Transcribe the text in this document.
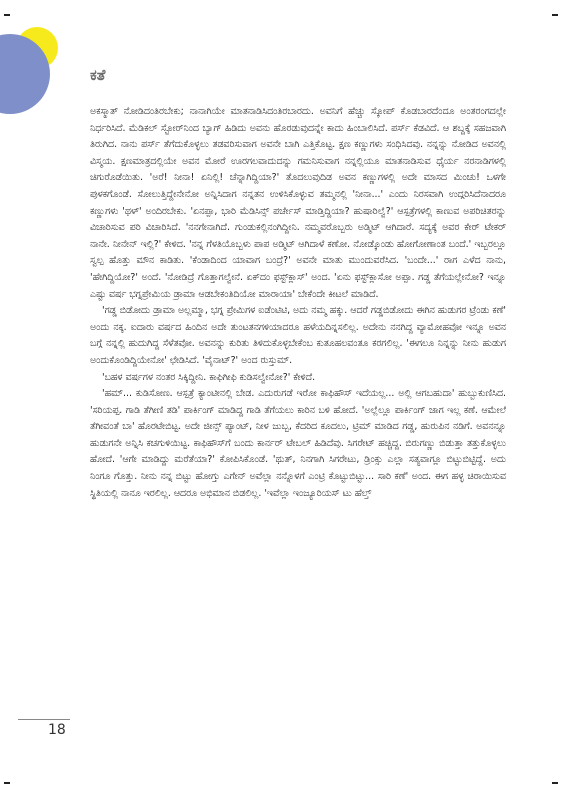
ಕತೆ

ಅಕಸ್ಮಾತ್ ನೋಡಿದಂತಿರಬೇಕು; ನಾನಾಗಿಯೇ ಮಾತನಾಡಿಸಿದಂತಿರಬಾರದು. ಅವನಿಗೆ ಹೆಚ್ಚು ಸ್ಕೋಪ್ ಕೊಡಬಾರದೆಂದೂ ಅಂತರಂಗದಲ್ಲೇ ನಿರ್ಧರಿಸಿದೆ. ಮೆಡಿಕಲ್ ಸ್ಟೋರ್‌ನಿಂದ ಬ್ಯಾಗ್ ಹಿಡಿದು ಅವನು ಹೊರಡುವುದನ್ನೇ ಕಾದು ಹಿಂಬಾಲಿಸಿದೆ. ಪರ್ಸ್ ಕೆಡವಿದೆ. ಆ ಶಬ್ದಕ್ಕೆ ಸಹಜವಾಗಿ ತಿರುಗಿದ. ನಾನು ಪರ್ಸ್ ತೆಗೆದುಕೊಳ್ಳಲು ತಡವರಿಸುವಾಗ ಅವನೇ ಬಾಗಿ ಎತ್ತಿಕೊಟ್ಟ. ಕ್ಷಣ ಕಣ್ಣುಗಳು ಸಂಧಿಸಿದವು. ನನ್ನನ್ನು ನೋಡಿದ ಅವನಲ್ಲಿ ವಿಸ್ಮಯ. ಕ್ಷಣಮಾತ್ರದಲ್ಲಿಯೇ ಅವನ ಮೋರೆ ಊರಗಲವಾದುದನ್ನು ಗಮನಿಸುವಾಗ ನನ್ನಲ್ಲಿಯೂ ಮಾತನಾಡಿಸುವ ಧೈರ್ಯ ನರನಾಡಿಗಳಲ್ಲಿ ಚಿಗುರೊಡೆಯಿತು. 'ಅರೆ! ನೀನಾ! ಏನಿಲ್ಲಿ! ಚೆನ್ನಾಗಿದ್ದಿಯಾ?' ತೊದಲುವುದಿಡ ಅವನ ಕಣ್ಣುಗಳಲ್ಲಿ ಅದೇ ಮಾಸದ ಮಿಂಚು! ಒಳಗೇ ಪುಳಕಗೊಂಡೆ. ಸೋಲುತ್ತಿದ್ದೇನೇನೋ ಅನ್ನಿಸಿದಾಗ ನನ್ನತನ ಉಳಿಸಿಕೊಳ್ಳುವ ತಮ್ಮನಲ್ಲಿ 'ನೀನಾ...' ಎಂದು ನಿರಸವಾಗಿ ಉದ್ಗರಿಸಿದೆನಾದರೂ ಕಣ್ಣುಗಳು 'ಥಳ್' ಅಂದಿರಬೇಕು. 'ಏನಪ್ಪಾ, ಭಾರಿ ಮೆಡಿಸಿನ್ಸ್ ಪರ್ಚೇಸ್ ಮಾಡ್ತಿದ್ದಿಯಾ? ಹುಷಾರಿಲ್ವೆ?' ಆಸ್ಪತ್ರೆಗಳಲ್ಲಿ ಕಾಣುವ ಅಪರಿಚಿತರನ್ನು ವಿಚಾರಿಸುವ ಪರಿ ವಿಚಾರಿಸಿದೆ. 'ನನಗೇನಾಗಿದೆ. ಗುಂಡುಕಲ್ಲಿನಂಗಿದ್ದೀನಿ. ನಮ್ಮವರೊಬ್ಬರು ಅಡ್ಮಿಟ್ ಆಗಿದಾರೆ. ಸದ್ಯಕ್ಕೆ ಅವರ ಕೇರ್ ಟೇಕರ್ ನಾನೇ. ನೀನೇನ್ ಇಲ್ಲಿ?' ಕೇಳಿದ. 'ನನ್ನ ಗೆಳತಿಯೊಬ್ಬಳು ಪಾಪ ಅಡ್ಮಿಟ್ ಆಗಿದಾಳೆ ಕಣೋ. ನೋಡ್ಕೊಂಡು ಹೋಗೋಣಾಂತ ಬಂದೆ.' ಇಬ್ಬರಲ್ಲೂ ಸ್ವಲ್ಪ ಹೊತ್ತು ಮೌನ ಕಾಡಿತು. 'ಕೆಂಡಾದಿಂದ ಯಾವಾಗ ಬಂದ್ರೆ?' ಅವನೇ ಮಾತು ಮುಂದುವರೆಸಿದ. 'ಬಂದೇ...' ರಾಗ ಎಳೆದ ನಾನು, 'ಹೇಗಿದ್ದಿಯೋ?' ಅಂದೆ. 'ನೋಡಿದ್ರೆ ಗೊತ್ತಾಗಲ್ವೇನೆ. ಏಕ್‌ದಂ ಫಸ್ಟ್‌ಕ್ಲಾಸ್' ಅಂದ. 'ಏನು ಫಸ್ಟ್‌ಕ್ಲಾಸೋ ಅಪ್ಪಾ. ಗಡ್ಡ ತೆಗೆಯಲ್ಲೇನೋ? ಇನ್ನೂ ಎಷ್ಟು ವರ್ಷ ಭಗ್ನಪ್ರೇಮಿಯ ಡ್ರಾಮಾ ಆಡಬೇಕಂತಿದಿಯೋ ಮಾರಾಯಾ' ಬೇಕೆಂದೇ ಕೀಟಲೆ ಮಾಡಿದೆ.

'ಗಡ್ಡ ಬಿಡೋದು ಡ್ರಾಮಾ ಅಲ್ಲಮ್ಮಾ, ಭಗ್ನ ಪ್ರೇಮಿಗಳ ಐಡೆಂಟಿಟಿ, ಅದು ನಮ್ಮ ಹಕ್ಕು. ಆದರೆ ಗಡ್ಡಬಿಡೋದು ಈಗಿನ ಹುಡುಗರ ಟ್ರೆಂಡು ಕಣೆ' ಅಂದು ನಕ್ಕ. ಐದಾರು ವರ್ಷದ ಹಿಂದಿನ ಅದೇ ತುಂಟತನಗಳಿಯಾದರೂ ಹಳೆಯದಿನ್ನಸಲಿಲ್ಲ. ಅದೇನು ನನಗಿದ್ದ ವ್ಯಾಮೋಹವೋ ಇನ್ನೂ ಅವನ ಬಗ್ಗೆ ನನ್ನಲ್ಲಿ ಹುದುಗಿದ್ದ ಸೆಳೆತವೋ. ಅವನನ್ನು ಕುರಿತು ತಿಳಿದುಕೊಳ್ಳಬೇಕೆಂಬ ಕುತೂಹಲವಂತೂ ಕರಗಲಿಲ್ಲ. 'ಈಗಲೂ ನಿನ್ನನ್ನು ನೀನು ಹುಡುಗ ಅಂದುಕೊಂಡಿದ್ದಿಯೇನೋ' ಛೇಡಿಸಿದೆ. 'ವೈನಾಟ್?' ಅಂದ ರುಸ್ತುಮ್.

'ಬಹಳ ವರ್ಷಗಳ ನಂತರ ಸಿಕ್ಕಿದ್ದೀನಿ. ಕಾಫಿಗೀಫಿ ಕುಡಿಸಲ್ವೇನೋ?' ಕೇಳಿದೆ.

'ಹಮ್... ಕುಡಿಸೋಣ. ಆಸ್ಪತ್ರೆ ಕ್ಯಾಂಟೀನಲ್ಲಿ ಬೇಡ. ಎದುರುಗಡೆ ಇರೋ ಕಾಫಿಹೌಸ್ ಇದೆಯಲ್ಲ... ಅಲ್ಲಿ ಆಗಬಹುದಾ' ಹುಬ್ಬುಕುಣಿಸಿದ. 'ಸರಿಯಪ್ಪ. ಗಾಡಿ ತೆಗೀಣಿ ತಡಿ' ಪಾರ್ಕಿಂಗ್ ಮಾಡಿದ್ದ ಗಾಡಿ ತೆಗೆಯಲು ಕಾರಿನ ಬಳಿ ಹೋದೆ. 'ಅಲ್ಲೆಲ್ಲೂ ಪಾರ್ಕಿಂಗ್ ಜಾಗ ಇಲ್ಲ ಕಣೆ. ಆಮೇಲೆ ತೆಗೀವಂತೆ ಬಾ' ಹೊರಟೇಬಿಟ್ಟ. ಅದೇ ಜೀನ್ಸ್ ಪ್ಯಾಂಟ್, ನೀಳ ಜುಬ್ಬ, ಕೆದರಿದ ಕೂದಲು, ಟ್ರಿಮ್ ಮಾಡಿದ ಗಡ್ಡ, ಹುರುಪಿನ ನಡಿಗೆ. ಅವನನ್ನೂ ಹುಡುಗನೇ ಅನ್ನಿಸಿ ಕಚಗುಳಿಯಿಟ್ಟ. ಕಾಫಿಹೌಸ್‌ಗೆ ಬಂದು ಕಾರ್ನರ್ ಟೇಬಲ್ ಹಿಡಿದೆವು. ಸಿಗರೇಟ್ ಹಚ್ಚಿದ್ದ. ಬಿರುಗಣ್ಣು ಬಿಡುತ್ತಾ ತತ್ತುಕೊಳ್ಳಲು ಹೋದೆ. 'ಆಗೇ ಮಾಡಿದ್ದು ಮರೆತೆಯಾ?' ಕೋಪಿಸಿಕೊಂಡೆ. 'ಥುತ್, ನಿನಗಾಗಿ ಸಿಗರೇಟು, ಡ್ರಿಂಕ್ಸು ಎಲ್ಲಾ ಸತ್ಯವಾಗ್ಲೂ ಬಿಟ್ಟುಬಿಟ್ಟಿದ್ದೆ. ಅದು ನಿಂಗೂ ಗೊತ್ತು. ನೀನು ನನ್ನ ಬಿಟ್ಟು ಹೋಗ್ತು ಎಗೇನ್ ಅವೆಲ್ಲಾ ನನ್ನೊಳಗೆ ಎಂಟ್ರಿ ಕೊಟ್ಟುಬಿಟ್ಟು... ಸಾರಿ ಕಣೆ' ಅಂದ. ಈಗ ಹಳ್ಳ ಚಿರಾಯಿಸುವ ಸ್ಥಿತಿಯಲ್ಲಿ ನಾನೂ ಇರಲಿಲ್ಲ. ಆದರೂ ಅಭಿಮಾನ ಬಿಡಲಿಲ್ಲ. 'ಇವೆಲ್ಲಾ ಇಂಜ್ಯೂರಿಯಸ್ ಟು ಹೆಲ್ತ್

18
